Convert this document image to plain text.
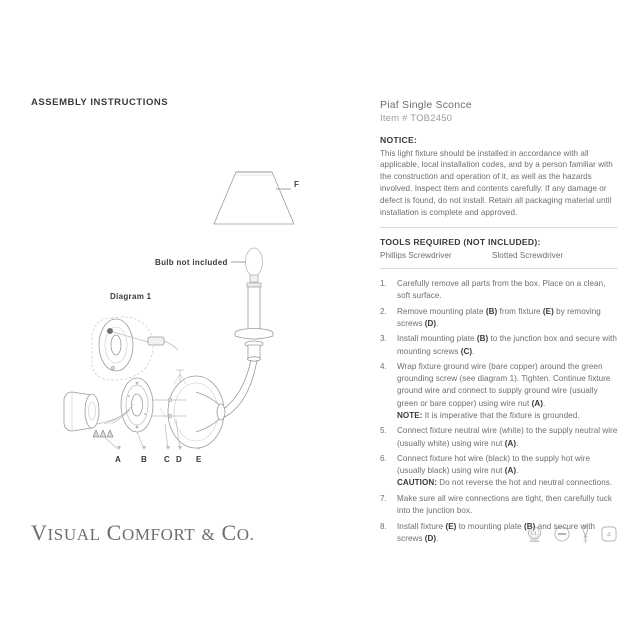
ASSEMBLY INSTRUCTIONS
F
Bulb not included
Diagram 1
A B C D E
Piaf Single Sconce
Item # TOB2450
NOTICE:
This light fixture should be installed in accordance with all applicable, local installation codes, and by a person familiar with the construction and operation of it, as well as the hazards involved. Inspect item and contents carefully. If any damage or defect is found, do not install. Retain all packaging material until installation is complete and approved.
TOOLS REQUIRED (NOT INCLUDED):
Phillips Screwdriver	Slotted Screwdriver
1.	Carefully remove all parts from the box. Place on a clean, soft surface.
2.	Remove mounting plate (B) from fixture (E) by removing screws (D).
3.	Install mounting plate (B) to the junction box and secure with mounting screws (C).
4.	Wrap fixture ground wire (bare copper) around the green grounding screw (see diagram 1). Tighten. Continue fixture ground wire and connect to supply ground wire (usually green or bare copper) using wire nut (A).
NOTE: It is imperative that the fixture is grounded.
5.	Connect fixture neutral wire (white) to the supply neutral wire (usually white) using wire nut (A).
6.	Connect fixture hot wire (black) to the supply hot wire (usually black) using wire nut (A).
CAUTION: Do not reverse the hot and neutral connections.
7.	Make sure all wire connections are tight, then carefully tuck into the junction box.
8.	Install fixture (E) to mounting plate (B) and secure with screws (D).
VISUAL COMFORT & CO.	UL	4
